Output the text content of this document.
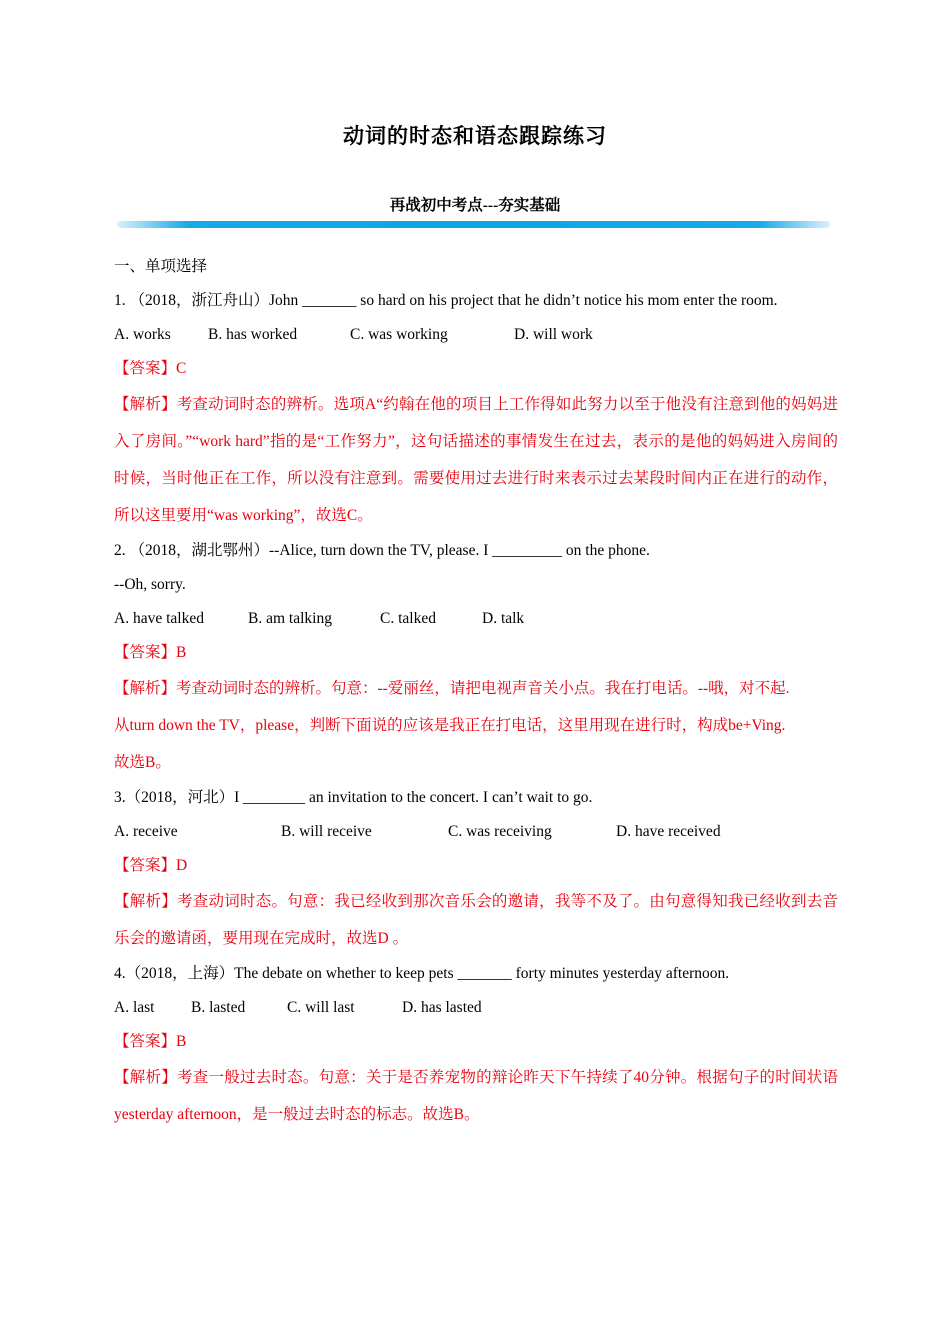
动词的时态和语态跟踪练习
再战初中考点---夯实基础
一、单项选择
1. （2018，浙江舟山）John _______ so hard on his project that he didn’t notice his mom enter the room.
A. works	B. has worked	C. was working	D. will work
【答案】C

【解析】考查动词时态的辨析。选项A“约翰在他的项目上工作得如此努力以至于他没有注意到他的妈妈进入了房间。”“work hard”指的是“工作努力”，这句话描述的事情发生在过去，表示的是他的妈妈进入房间的时候，当时他正在工作，所以没有注意到。需要使用过去进行时来表示过去某段时间内正在进行的动作，所以这里要用“was working”，故选C。

2. （2018，湖北鄂州）--Alice, turn down the TV, please. I _________ on the phone.
--Oh, sorry.
A. have talked	B. am talking	C. talked	D. talk
【答案】B

【解析】考查动词时态的辨析。句意：--爱丽丝，请把电视声音关小点。我在打电话。--哦，对不起.

从turn down the TV，please，判断下面说的应该是我正在打电话，这里用现在进行时，构成be+Ving.

故选B。

3.（2018，河北）I ________ an invitation to the concert. I can’t wait to go.
A. receive	B. will receive	C. was receiving	D. have received
【答案】D

【解析】考查动词时态。句意：我已经收到那次音乐会的邀请，我等不及了。由句意得知我已经收到去音乐会的邀请函，要用现在完成时，故选D 。

4.（2018，上海）The debate on whether to keep pets _______ forty minutes yesterday afternoon.
A. last	B. lasted	C. will last	D. has lasted
【答案】B

【解析】考查一般过去时态。句意：关于是否养宠物的辩论昨天下午持续了40分钟。根据句子的时间状语yesterday afternoon，是一般过去时态的标志。故选B。
